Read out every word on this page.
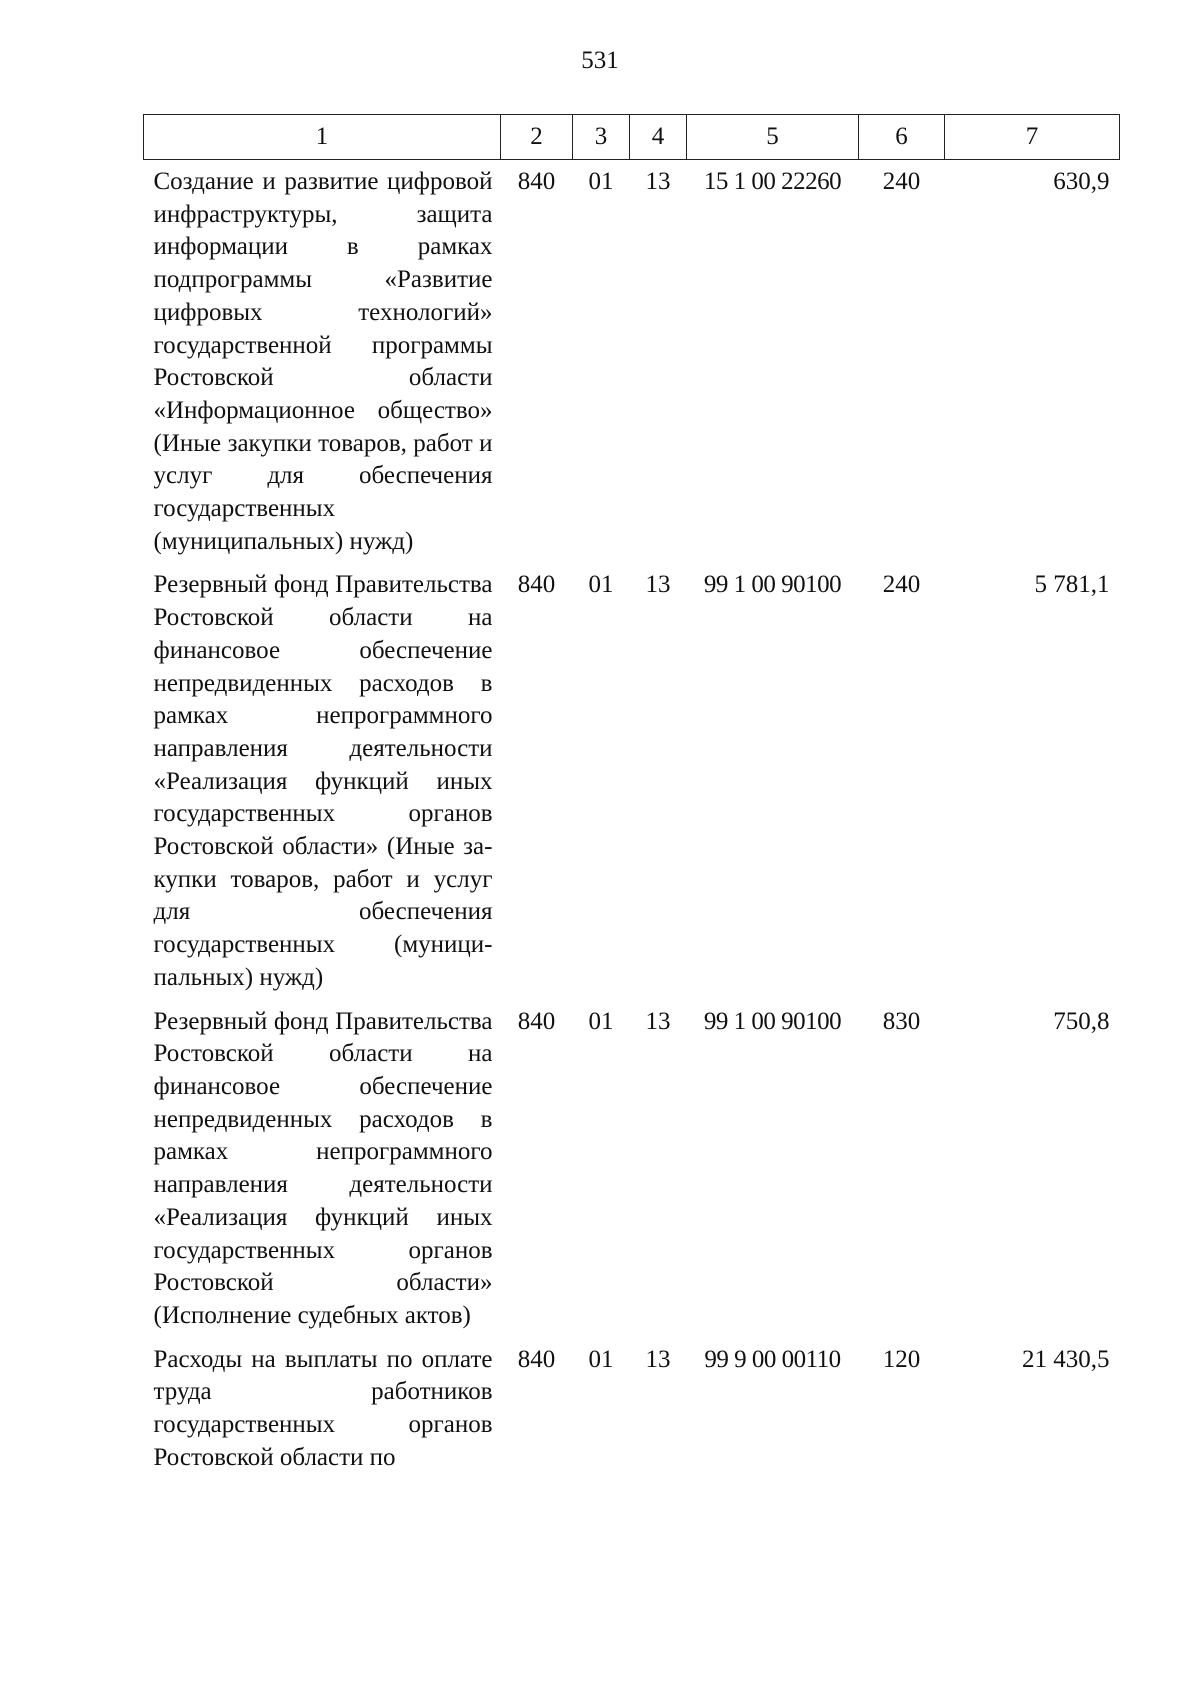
531
1	2	3	4	5	6	7
Создание и развитие цифровой инфраструктуры, защита информации в рамках подпрограммы «Развитие цифровых технологий» государственной программы Ростовской области «Информационное общество» (Иные закупки товаров, работ и услуг для обеспечения государственных (муниципальных) нужд)	840	01	13	15 1 00 22260	240	630,9
Резервный фонд Правительства Ростовской области на финансовое обеспечение непредвиденных расходов в рамках непрограммного направления деятельности «Реализация функций иных государственных органов Ростовской области» (Иные закупки товаров, работ и услуг для обеспечения государственных (муниципальных) нужд)	840	01	13	99 1 00 90100	240	5 781,1
Резервный фонд Правительства Ростовской области на финансовое обеспечение непредвиденных расходов в рамках непрограммного направления деятельности «Реализация функций иных государственных органов Ростовской области» (Исполнение судебных актов)	840	01	13	99 1 00 90100	830	750,8
Расходы на выплаты по оплате труда работников государственных органов Ростовской области по	840	01	13	99 9 00 00110	120	21 430,5
